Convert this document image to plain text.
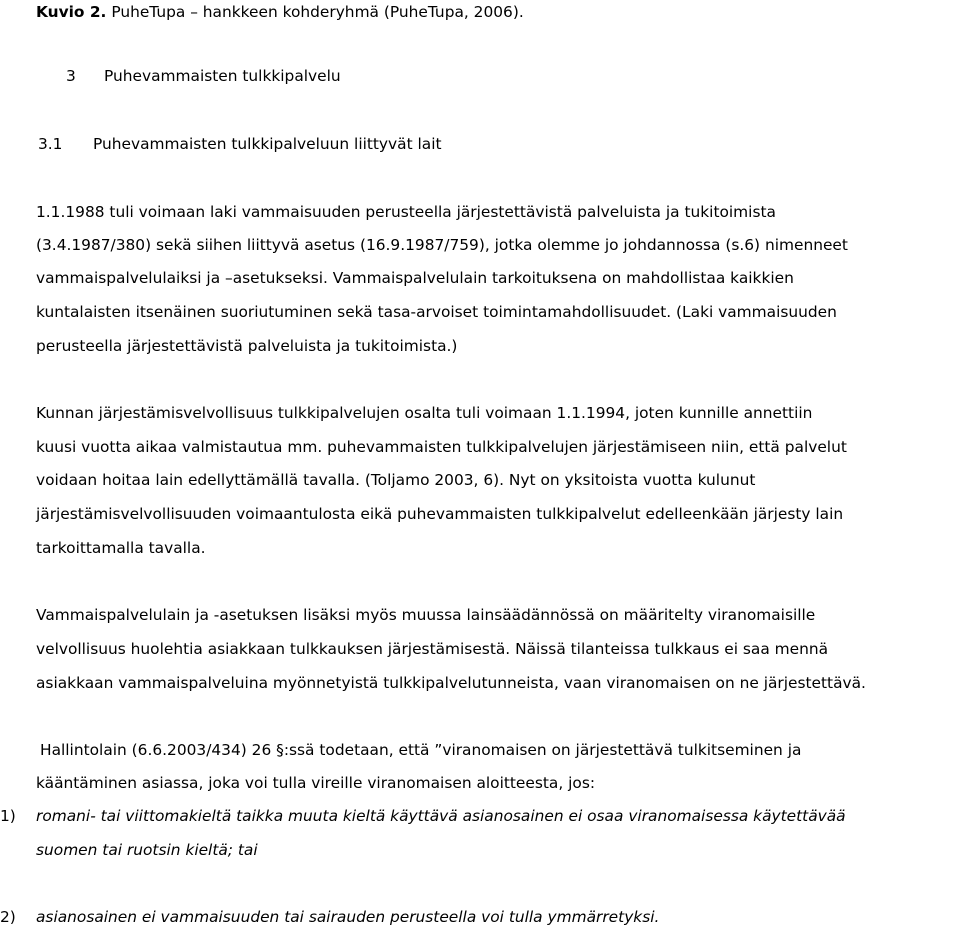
Kuvio 2. PuheTupa – hankkeen kohderyhmä (PuheTupa, 2006).
3 Puhevammaisten tulkkipalvelu
3.1 Puhevammaisten tulkkipalveluun liittyvät lait
1.1.1988 tuli voimaan laki vammaisuuden perusteella järjestettävistä palveluista ja tukitoimista
(3.4.1987/380) sekä siihen liittyvä asetus (16.9.1987/759), jotka olemme jo johdannossa (s.6) nimenneet
vammaispalvelulaiksi ja –asetukseksi. Vammaispalvelulain tarkoituksena on mahdollistaa kaikkien
kuntalaisten itsenäinen suoriutuminen sekä tasa-arvoiset toimintamahdollisuudet. (Laki vammaisuuden
perusteella järjestettävistä palveluista ja tukitoimista.)
Kunnan järjestämisvelvollisuus tulkkipalvelujen osalta tuli voimaan 1.1.1994, joten kunnille annettiin
kuusi vuotta aikaa valmistautua mm. puhevammaisten tulkkipalvelujen järjestämiseen niin, että palvelut
voidaan hoitaa lain edellyttämällä tavalla. (Toljamo 2003, 6). Nyt on yksitoista vuotta kulunut
järjestämisvelvollisuuden voimaantulosta eikä puhevammaisten tulkkipalvelut edelleenkään järjesty lain
tarkoittamalla tavalla.
Vammaispalvelulain ja -asetuksen lisäksi myös muussa lainsäädännössä on määritelty viranomaisille
velvollisuus huolehtia asiakkaan tulkkauksen järjestämisestä. Näissä tilanteissa tulkkaus ei saa mennä
asiakkaan vammaispalveluina myönnetyistä tulkkipalvelutunneista, vaan viranomaisen on ne järjestettävä.
Hallintolain (6.6.2003/434) 26 §:ssä todetaan, että ”viranomaisen on järjestettävä tulkitseminen ja
kääntäminen asiassa, joka voi tulla vireille viranomaisen aloitteesta, jos:
1)	romani- tai viittomakieltä taikka muuta kieltä käyttävä asianosainen ei osaa viranomaisessa käytettävää
suomen tai ruotsin kieltä; tai
2)	asianosainen ei vammaisuuden tai sairauden perusteella voi tulla ymmärretyksi.
